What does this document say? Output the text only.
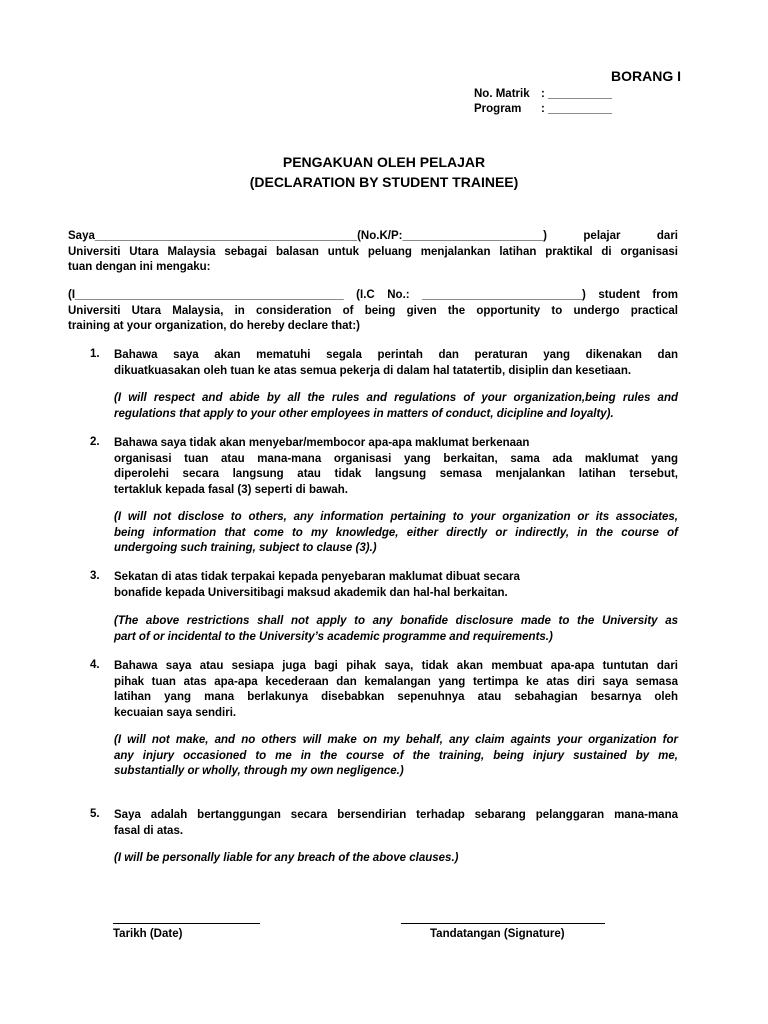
BORANG I
No. Matrik : __________
Program : __________
PENGAKUAN OLEH PELAJAR
(DECLARATION BY STUDENT TRAINEE)
Saya_________________________________________(No.K/P:______________________) pelajar dari
Universiti Utara Malaysia sebagai balasan untuk peluang menjalankan latihan praktikal di organisasi
tuan dengan ini mengaku:
(I__________________________________________ (I.C No.: _________________________) student from
Universiti Utara Malaysia, in consideration of being given the opportunity to undergo practical
training at your organization, do hereby declare that:)
1. Bahawa saya akan mematuhi segala perintah dan peraturan yang dikenakan dan
dikuatkuasakan oleh tuan ke atas semua pekerja di dalam hal tatatertib, disiplin dan kesetiaan.
(I will respect and abide by all the rules and regulations of your organization,being rules and
regulations that apply to your other employees in matters of conduct, dicipline and loyalty).
2. Bahawa saya tidak akan menyebar/membocor apa-apa maklumat berkenaan
organisasi tuan atau mana-mana organisasi yang berkaitan, sama ada maklumat yang
diperolehi secara langsung atau tidak langsung semasa menjalankan latihan tersebut,
tertakluk kepada fasal (3) seperti di bawah.
(I will not disclose to others, any information pertaining to your organization or its associates,
being information that come to my knowledge, either directly or indirectly, in the course of
undergoing such training, subject to clause (3).)
3. Sekatan di atas tidak terpakai kepada penyebaran maklumat dibuat secara
bonafide kepada Universitibagi maksud akademik dan hal-hal berkaitan.
(The above restrictions shall not apply to any bonafide disclosure made to the University as
part of or incidental to the University’s academic programme and requirements.)
4. Bahawa saya atau sesiapa juga bagi pihak saya, tidak akan membuat apa-apa tuntutan dari
pihak tuan atas apa-apa kecederaan dan kemalangan yang tertimpa ke atas diri saya semasa
latihan yang mana berlakunya disebabkan sepenuhnya atau sebahagian besarnya oleh
kecuaian saya sendiri.
(I will not make, and no others will make on my behalf, any claim againts your organization for
any injury occasioned to me in the course of the training, being injury sustained by me,
substantially or wholly, through my own negligence.)
5. Saya adalah bertanggungan secara bersendirian terhadap sebarang pelanggaran mana-mana
fasal di atas.
(I will be personally liable for any breach of the above clauses.)
Tarikh (Date)	Tandatangan (Signature)
